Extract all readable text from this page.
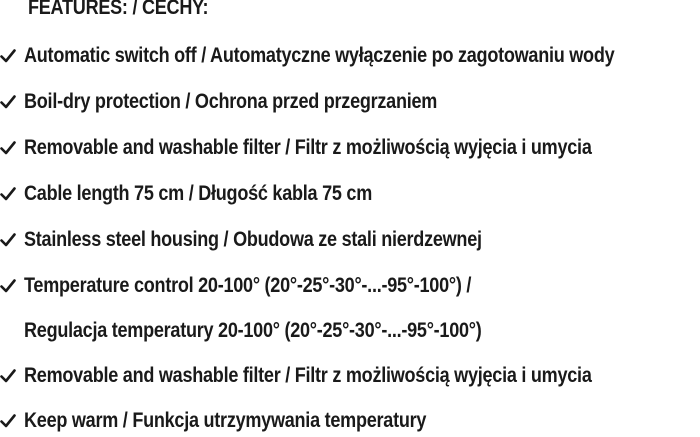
FEATURES: / CECHY:
Automatic switch off / Automatyczne wyłączenie po zagotowaniu wody
Boil-dry protection / Ochrona przed przegrzaniem
Removable and washable filter / Filtr z możliwością wyjęcia i umycia
Cable length 75 cm / Długość kabla 75 cm
Stainless steel housing / Obudowa ze stali nierdzewnej
Temperature control 20-100° (20°-25°-30°-...-95°-100°) /
Regulacja temperatury 20-100° (20°-25°-30°-...-95°-100°)
Removable and washable filter / Filtr z możliwością wyjęcia i umycia
Keep warm / Funkcja utrzymywania temperatury
